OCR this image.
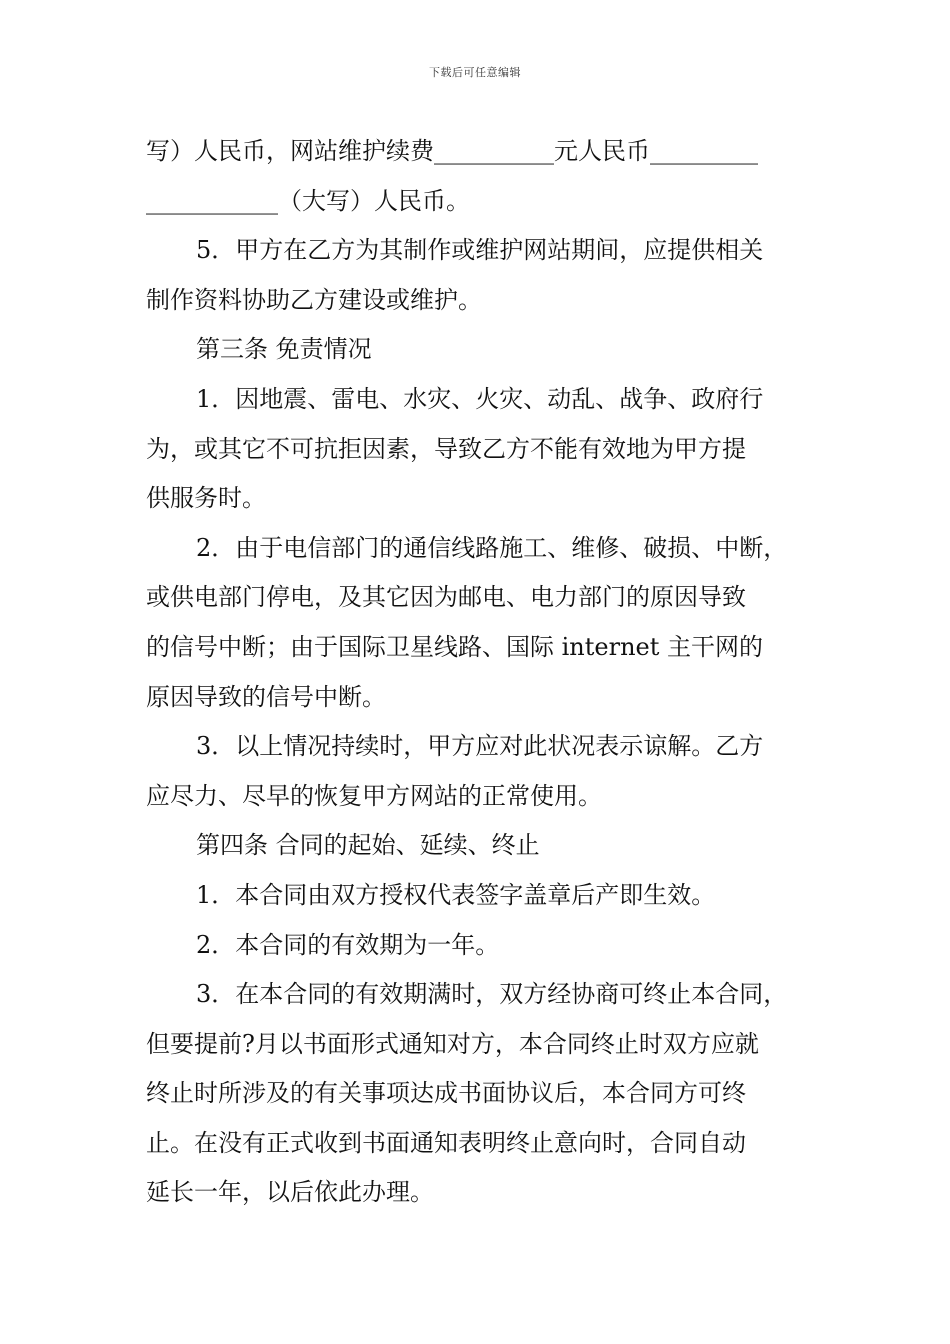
下载后可任意编辑
写）人民币，网站维护续费__________元人民币_________
___________（大写）人民币。
5．甲方在乙方为其制作或维护网站期间，应提供相关
制作资料协助乙方建设或维护。
第三条 免责情况
1．因地震、雷电、水灾、火灾、动乱、战争、政府行
为，或其它不可抗拒因素，导致乙方不能有效地为甲方提
供服务时。
2．由于电信部门的通信线路施工、维修、破损、中断，
或供电部门停电，及其它因为邮电、电力部门的原因导致
的信号中断；由于国际卫星线路、国际 internet 主干网的
原因导致的信号中断。
3．以上情况持续时，甲方应对此状况表示谅解。乙方
应尽力、尽早的恢复甲方网站的正常使用。
第四条 合同的起始、延续、终止
1．本合同由双方授权代表签字盖章后产即生效。
2．本合同的有效期为一年。
3．在本合同的有效期满时，双方经协商可终止本合同，
但要提前?月以书面形式通知对方，本合同终止时双方应就
终止时所涉及的有关事项达成书面协议后，本合同方可终
止。在没有正式收到书面通知表明终止意向时，合同自动
延长一年，以后依此办理。
